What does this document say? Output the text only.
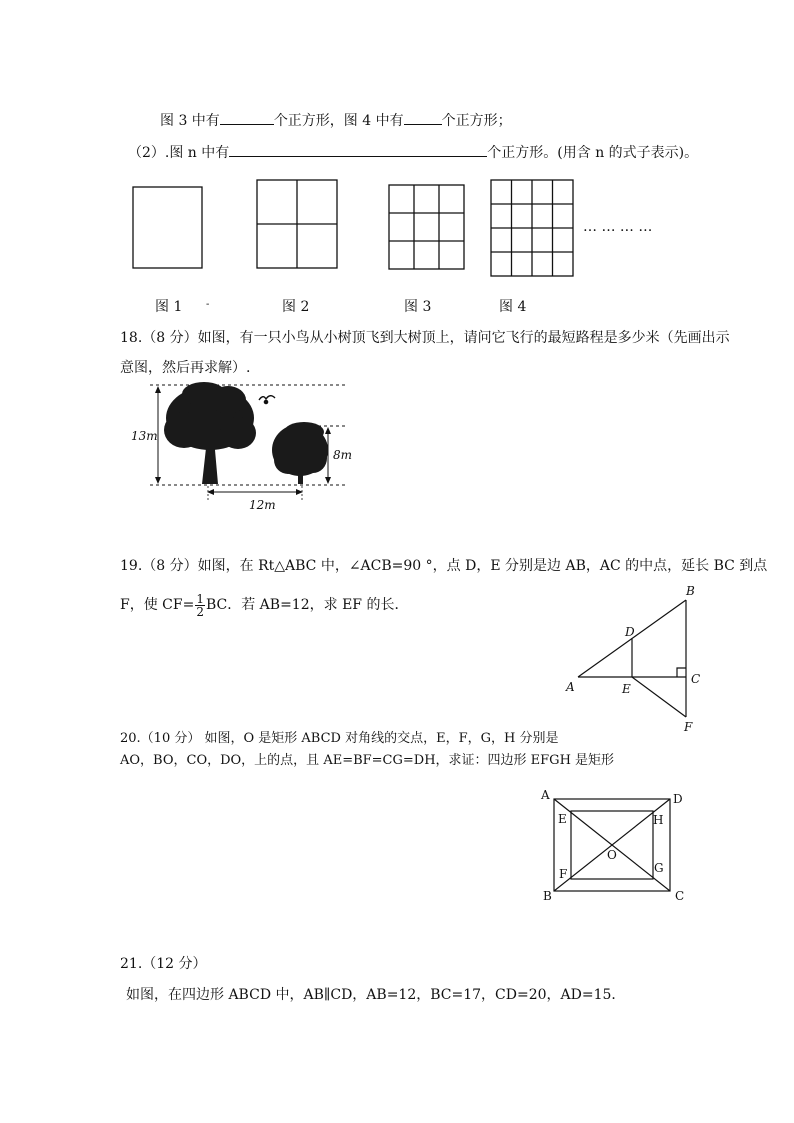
图 3 中有	个正方形，图 4 中有	个正方形；
（2）.图 n 中有	个正方形。(用含 n 的式子表示)。
… … … …
图 1 -	图 2	图 3	图 4
18.（8 分）如图，有一只小鸟从小树顶飞到大树顶上，请问它飞行的最短路程是多少米（先画出示
意图，然后再求解）.
13m
8m
12m
19.（8 分）如图，在 Rt△ABC 中，∠ACB=90 °，点 D，E 分别是边 AB，AC 的中点，延长 BC 到点
F，使 $CF= \frac{1}{2}$ BC．若 AB=12，求 EF 的长．
A
B
C
D
E
F
20.（10 分） 如图，O 是矩形 ABCD 对角线的交点，E，F，G，H 分别是
AO，BO，CO，DO，上的点，且 AE=BF=CG=DH，求证：四边形 EFGH 是矩形
A
B	C
D
E
F	G
H
O
21.（12 分）
如图，在四边形 ABCD 中，AB∥CD，AB=12，BC=17，CD=20，AD=15．
